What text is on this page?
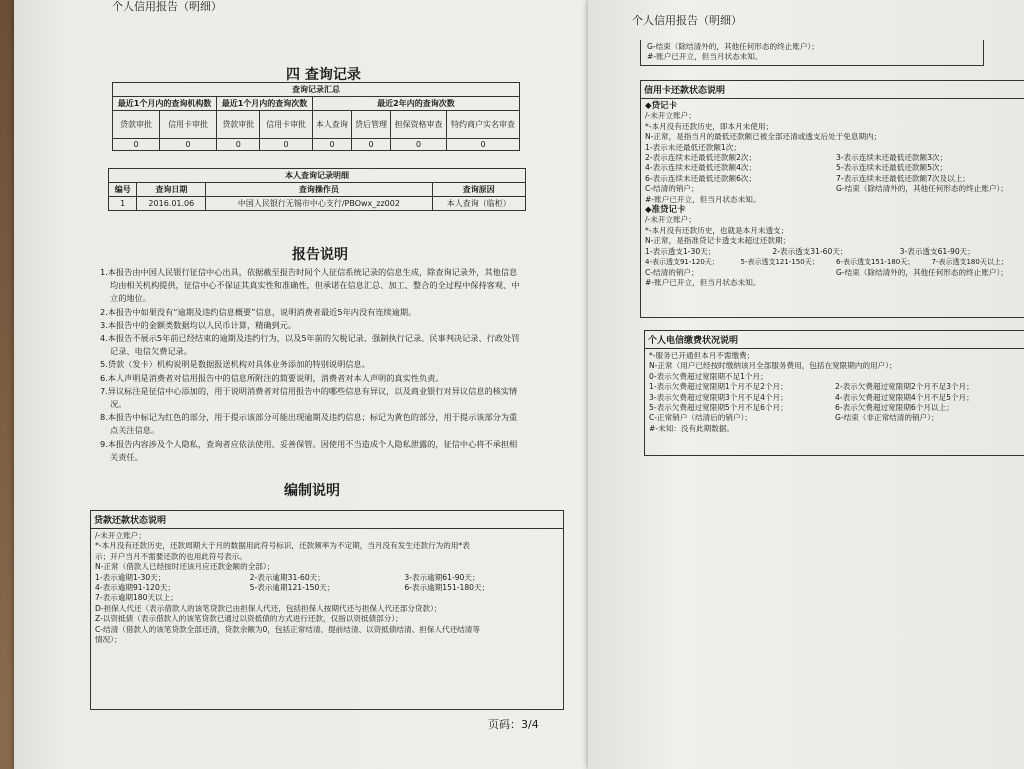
个人信用报告（明细）
四 查询记录
查询记录汇总							
最近1个月内的查询机构数		最近1个月内的查询次数		最近2年内的查询次数			
贷款审批	信用卡审批	贷款审批	信用卡审批	本人查询	贷后管理	担保资格审查	特约商户实名审查
0	0	0	0	0	0	0	0
本人查询记录明细			
编号	查询日期	查询操作员	查询原因
1	2016.01.06	中国人民银行无锡市中心支行/PBOwx_zz002	本人查询（临柜）
报告说明

1.本报告由中国人民银行征信中心出具，依据截至报告时间个人征信系统记录的信息生成，除查询记录外，其他信息

均由相关机构提供，征信中心不保证其真实性和准确性，但承诺在信息汇总、加工、整合的全过程中保持客观、中

立的地位。

2.本报告中如果没有“逾期及违约信息概要”信息，说明消费者最近5年内没有连续逾期。

3.本报告中的金额类数据均以人民币计算，精确到元。

4.本报告不展示5年前已经结束的逾期及违约行为，以及5年前的欠税记录、强制执行记录、民事判决记录、行政处罚

记录、电信欠费记录。

5.贷款（发卡）机构说明是数据报送机构对具体业务添加的特别说明信息。

6.本人声明是消费者对信用报告中的信息所附注的简要说明，消费者对本人声明的真实性负责。

7.异议标注是征信中心添加的，用于说明消费者对信用报告中的哪些信息有异议，以及商业银行对异议信息的核实情

况。

8.本报告中标记为红色的部分，用于提示该部分可能出现逾期及违约信息；标记为黄色的部分，用于提示该部分为重

点关注信息。

9.本报告内容涉及个人隐私，查询者应依法使用、妥善保管。因使用不当造成个人隐私泄露的，征信中心将不承担相

关责任。

编制说明
贷款还款状态说明

/-未开立账户；

*-本月没有还款历史，还款周期大于月的数据用此符号标识，还款频率为不定期，当月没有发生还款行为的用*表

示；开户当月不需要还款的也用此符号表示。

N-正常（借款人已经按时还该月应还款金额的全部）；

1-表示逾期1-30天；	2-表示逾期31-60天；	3-表示逾期61-90天；

4-表示逾期91-120天；	5-表示逾期121-150天；	6-表示逾期151-180天；

7-表示逾期180天以上；

D-担保人代还（表示借款人的该笔贷款已由担保人代还，包括担保人按期代还与担保人代还部分贷款）；

Z-以资抵债（表示借款人的该笔贷款已通过以资抵债的方式进行还款，仅指以资抵债部分）；

C-结清（借款人的该笔贷款全部还清，贷款余额为0，包括正常结清、提前结清、以资抵债结清、担保人代还结清等

情况）；

页码：3/4
个人信用报告（明细）

G-结束（除结清外的，其他任何形态的终止账户）；

#-账户已开立，但当月状态未知。

信用卡还款状态说明

◆贷记卡

/-未开立账户；

*-本月没有还款历史，即本月未使用；

N-正常，是指当月的最低还款额已被全部还清或透支后处于免息期内；

1-表示未还最低还款额1次；

2-表示连续未还最低还款额2次；	3-表示连续未还最低还款额3次；

4-表示连续未还最低还款额4次；	5-表示连续未还最低还款额5次；

6-表示连续未还最低还款额6次；	7-表示连续未还最低还款额7次及以上；

C-结清的销户；	G-结束（除结清外的，其他任何形态的终止账户）；

#-账户已开立，但当月状态未知。

◆准贷记卡

/-未开立账户；

*-本月没有还款历史，也就是本月未透支；

N-正常，是指准贷记卡透支未超过还款期；

1-表示透支1-30天；	2-表示透支31-60天；	3-表示透支61-90天；

4-表示透支91-120天；	5-表示透支121-150天；	6-表示透支151-180天；	7-表示透支180天以上；

C-结清的销户；	G-结束（除结清外的，其他任何形态的终止账户）；

#-账户已开立，但当月状态未知。

个人电信缴费状况说明

*-服务已开通但本月不需缴费；

N-正常（用户已经按时缴纳该月全部服务费用，包括在宽限期内的用户）；

0-表示欠费超过宽限期不足1个月；

1-表示欠费超过宽限期1个月不足2个月；	2-表示欠费超过宽限期2个月不足3个月；

3-表示欠费超过宽限期3个月不足4个月；	4-表示欠费超过宽限期4个月不足5个月；

5-表示欠费超过宽限期5个月不足6个月；	6-表示欠费超过宽限期6个月以上；

C-正常销户（结清后的销户）；	G-结束（非正常结清的销户）；

#-未知：没有此期数据。
